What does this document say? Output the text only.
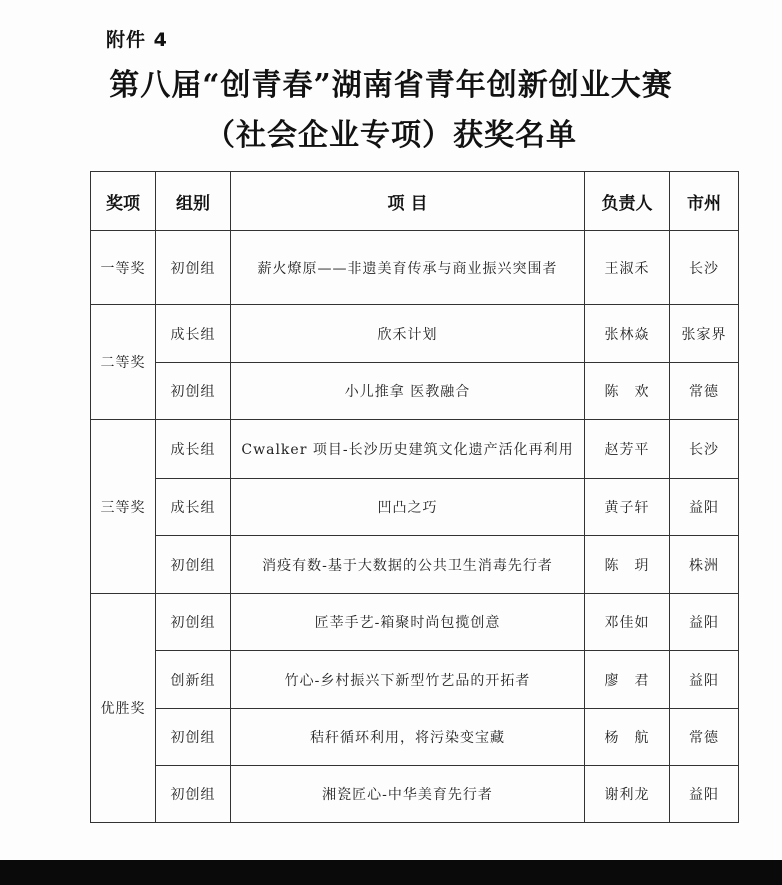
附件 4
第八届“创青春”湖南省青年创新创业大赛
（社会企业专项）获奖名单
奖项	组别	项 目	负责人	市州
一等奖	初创组	薪火燎原——非遗美育传承与商业振兴突围者	王淑禾	长沙
二等奖	成长组	欣禾计划	张林焱	张家界
	初创组	小儿推拿 医教融合	陈　欢	常德
三等奖	成长组	Cwalker 项目-长沙历史建筑文化遗产活化再利用	赵芳平	长沙
	成长组	凹凸之巧	黄子轩	益阳
	初创组	消疫有数-基于大数据的公共卫生消毒先行者	陈　玥	株洲
优胜奖	初创组	匠莘手艺-箱聚时尚包揽创意	邓佳如	益阳
	创新组	竹心-乡村振兴下新型竹艺品的开拓者	廖　君	益阳
	初创组	秸秆循环利用，将污染变宝藏	杨　航	常德
	初创组	湘瓷匠心-中华美育先行者	谢利龙	益阳
